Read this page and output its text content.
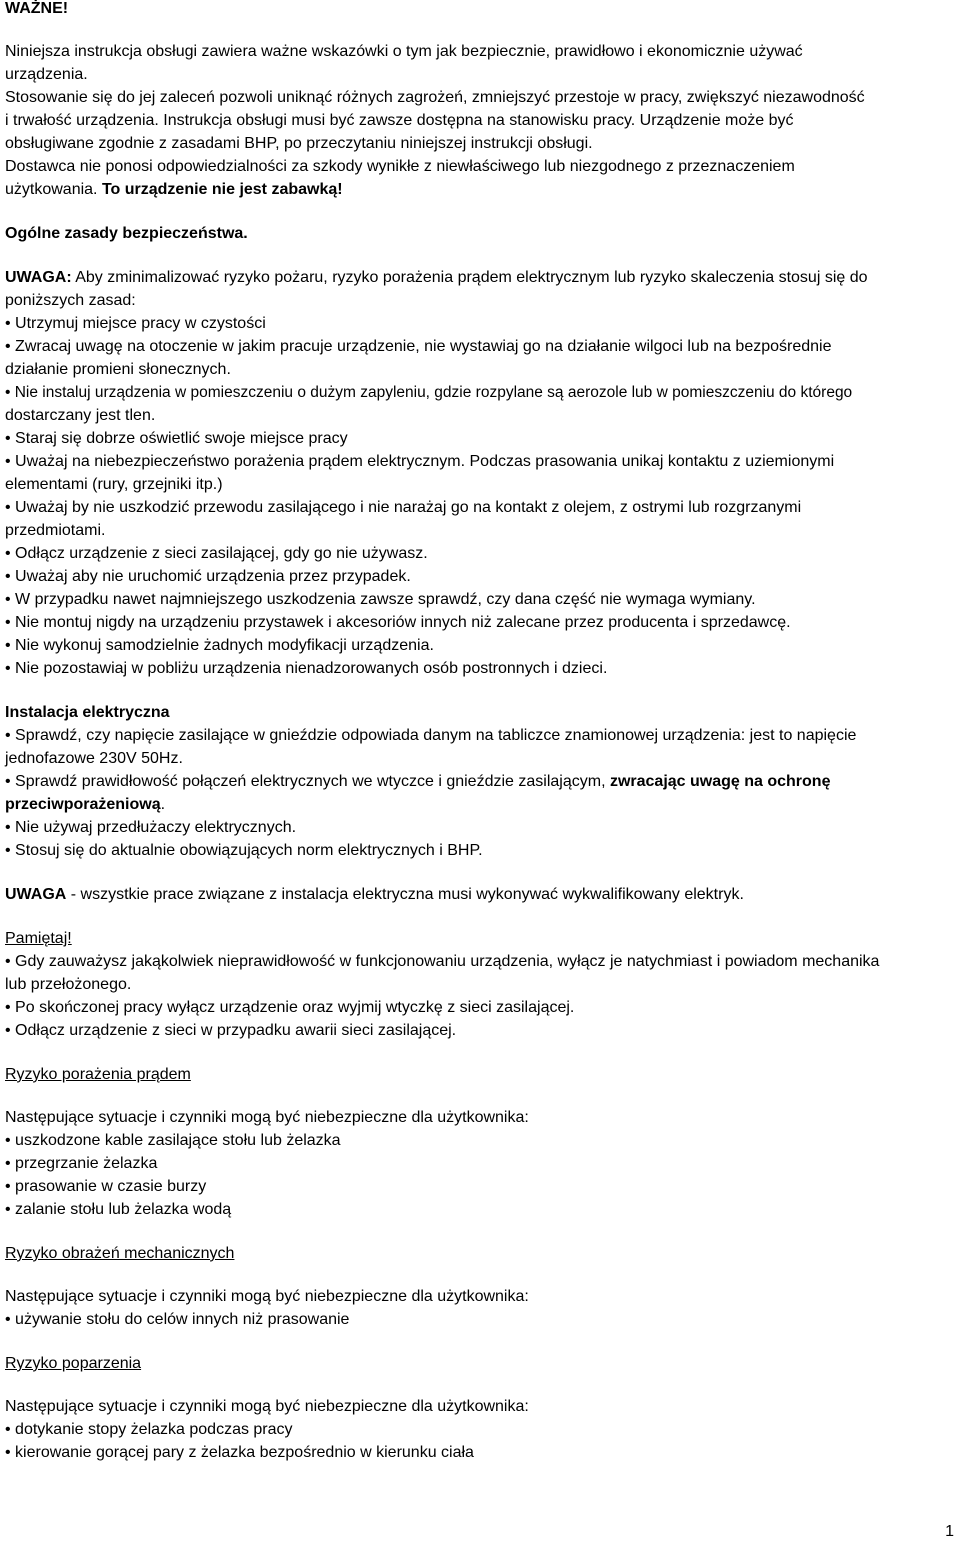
WAŻNE!

Niniejsza instrukcja obsługi zawiera ważne wskazówki o tym jak bezpiecznie, prawidłowo i ekonomicznie używać

urządzenia.

Stosowanie się do jej zaleceń pozwoli uniknąć różnych zagrożeń, zmniejszyć przestoje w pracy, zwiększyć niezawodność

i trwałość urządzenia. Instrukcja obsługi musi być zawsze dostępna na stanowisku pracy. Urządzenie może być

obsługiwane zgodnie z zasadami BHP, po przeczytaniu niniejszej instrukcji obsługi.

Dostawca nie ponosi odpowiedzialności za szkody wynikłe z niewłaściwego lub niezgodnego z przeznaczeniem

użytkowania. To urządzenie nie jest zabawką!

Ogólne zasady bezpieczeństwa.

UWAGA: Aby zminimalizować ryzyko pożaru, ryzyko porażenia prądem elektrycznym lub ryzyko skaleczenia stosuj się do

poniższych zasad:

• Utrzymuj miejsce pracy w czystości

• Zwracaj uwagę na otoczenie w jakim pracuje urządzenie, nie wystawiaj go na działanie wilgoci lub na bezpośrednie

działanie promieni słonecznych.

• Nie instaluj urządzenia w pomieszczeniu o dużym zapyleniu, gdzie rozpylane są aerozole lub w pomieszczeniu do którego

dostarczany jest tlen.

• Staraj się dobrze oświetlić swoje miejsce pracy

• Uważaj na niebezpieczeństwo porażenia prądem elektrycznym. Podczas prasowania unikaj kontaktu z uziemionymi

elementami (rury, grzejniki itp.)

• Uważaj by nie uszkodzić przewodu zasilającego i nie narażaj go na kontakt z olejem, z ostrymi lub rozgrzanymi

przedmiotami.

• Odłącz urządzenie z sieci zasilającej, gdy go nie używasz.

• Uważaj aby nie uruchomić urządzenia przez przypadek.

• W przypadku nawet najmniejszego uszkodzenia zawsze sprawdź, czy dana część nie wymaga wymiany.

• Nie montuj nigdy na urządzeniu przystawek i akcesoriów innych niż zalecane przez producenta i sprzedawcę.

• Nie wykonuj samodzielnie żadnych modyfikacji urządzenia.

• Nie pozostawiaj w pobliżu urządzenia nienadzorowanych osób postronnych i dzieci.

Instalacja elektryczna

• Sprawdź, czy napięcie zasilające w gnieździe odpowiada danym na tabliczce znamionowej urządzenia: jest to napięcie

jednofazowe 230V 50Hz.

• Sprawdź prawidłowość połączeń elektrycznych we wtyczce i gnieździe zasilającym, zwracając uwagę na ochronę

przeciwporażeniową.

• Nie używaj przedłużaczy elektrycznych.

• Stosuj się do aktualnie obowiązujących norm elektrycznych i BHP.

UWAGA - wszystkie prace związane z instalacja elektryczna musi wykonywać wykwalifikowany elektryk.

Pamiętaj!

• Gdy zauważysz jakąkolwiek nieprawidłowość w funkcjonowaniu urządzenia, wyłącz je natychmiast i powiadom mechanika

lub przełożonego.

• Po skończonej pracy wyłącz urządzenie oraz wyjmij wtyczkę z sieci zasilającej.

• Odłącz urządzenie z sieci w przypadku awarii sieci zasilającej.

Ryzyko porażenia prądem

Następujące sytuacje i czynniki mogą być niebezpieczne dla użytkownika:

• uszkodzone kable zasilające stołu lub żelazka

• przegrzanie żelazka

• prasowanie w czasie burzy

• zalanie stołu lub żelazka wodą

Ryzyko obrażeń mechanicznych

Następujące sytuacje i czynniki mogą być niebezpieczne dla użytkownika:

• używanie stołu do celów innych niż prasowanie

Ryzyko poparzenia

Następujące sytuacje i czynniki mogą być niebezpieczne dla użytkownika:

• dotykanie stopy żelazka podczas pracy

• kierowanie gorącej pary z żelazka bezpośrednio w kierunku ciała

1
